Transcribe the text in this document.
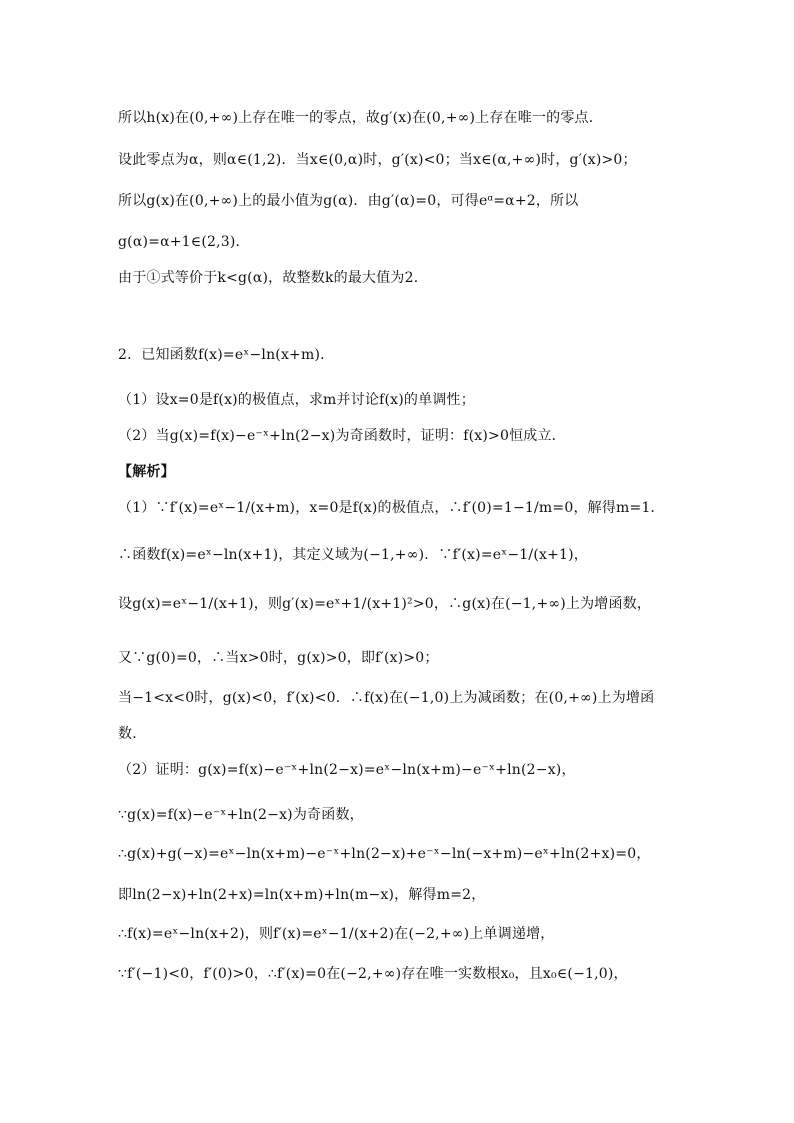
所以h(x)在(0,+∞)上存在唯一的零点，故g′(x)在(0,+∞)上存在唯一的零点．
设此零点为α，则α∈(1,2)．当x∈(0,α)时，g′(x)<0；当x∈(α,+∞)时，g′(x)>0；
所以g(x)在(0,+∞)上的最小值为g(α)．由g′(α)=0，可得eᵅ=α+2，所以
g(α)=α+1∈(2,3)．
由于①式等价于k<g(α)，故整数k的最大值为2．
2．已知函数f(x)=eˣ−ln(x+m)．
（1）设x=0是f(x)的极值点，求m并讨论f(x)的单调性；
（2）当g(x)=f(x)−e⁻ˣ+ln(2−x)为奇函数时，证明：f(x)>0恒成立．
【解析】
（1）∵f′(x)=eˣ−1/(x+m)，x=0是f(x)的极值点，∴f′(0)=1−1/m=0，解得m=1．
∴函数f(x)=eˣ−ln(x+1)，其定义域为(−1,+∞)．∵f′(x)=eˣ−1/(x+1)，
设g(x)=eˣ−1/(x+1)，则g′(x)=eˣ+1/(x+1)²>0，∴g(x)在(−1,+∞)上为增函数，
又∵g(0)=0，∴当x>0时，g(x)>0，即f′(x)>0；
当−1<x<0时，g(x)<0，f′(x)<0．∴f(x)在(−1,0)上为减函数；在(0,+∞)上为增函
数．
（2）证明：g(x)=f(x)−e⁻ˣ+ln(2−x)=eˣ−ln(x+m)−e⁻ˣ+ln(2−x)，
∵g(x)=f(x)−e⁻ˣ+ln(2−x)为奇函数，
∴g(x)+g(−x)=eˣ−ln(x+m)−e⁻ˣ+ln(2−x)+e⁻ˣ−ln(−x+m)−eˣ+ln(2+x)=0，
即ln(2−x)+ln(2+x)=ln(x+m)+ln(m−x)，解得m=2，
∴f(x)=eˣ−ln(x+2)，则f′(x)=eˣ−1/(x+2)在(−2,+∞)上单调递增，
∵f′(−1)<0，f′(0)>0，∴f′(x)=0在(−2,+∞)存在唯一实数根x₀，且x₀∈(−1,0)，
